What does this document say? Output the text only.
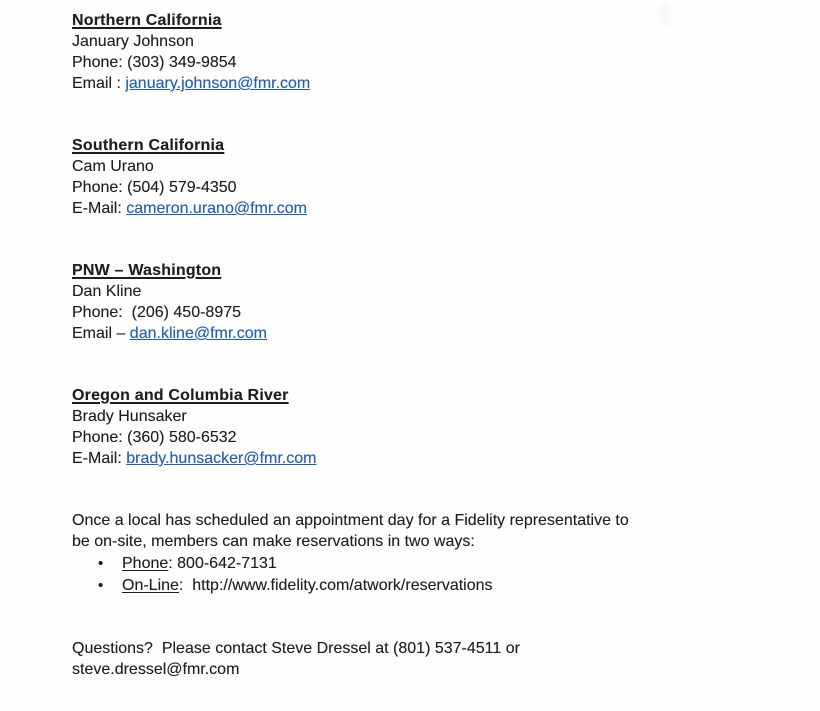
Northern California
January Johnson
Phone: (303) 349-9854
Email : january.johnson@fmr.com
Southern California
Cam Urano
Phone: (504) 579-4350
E-Mail: cameron.urano@fmr.com
PNW – Washington
Dan Kline
Phone:  (206) 450-8975
Email – dan.kline@fmr.com
Oregon and Columbia River
Brady Hunsaker
Phone: (360) 580-6532
E-Mail: brady.hunsacker@fmr.com
Once a local has scheduled an appointment day for a Fidelity representative to
be on-site, members can make reservations in two ways:
•	Phone: 800-642-7131
•	On-Line:  http://www.fidelity.com/atwork/reservations
Questions?  Please contact Steve Dressel at (801) 537-4511 or
steve.dressel@fmr.com
